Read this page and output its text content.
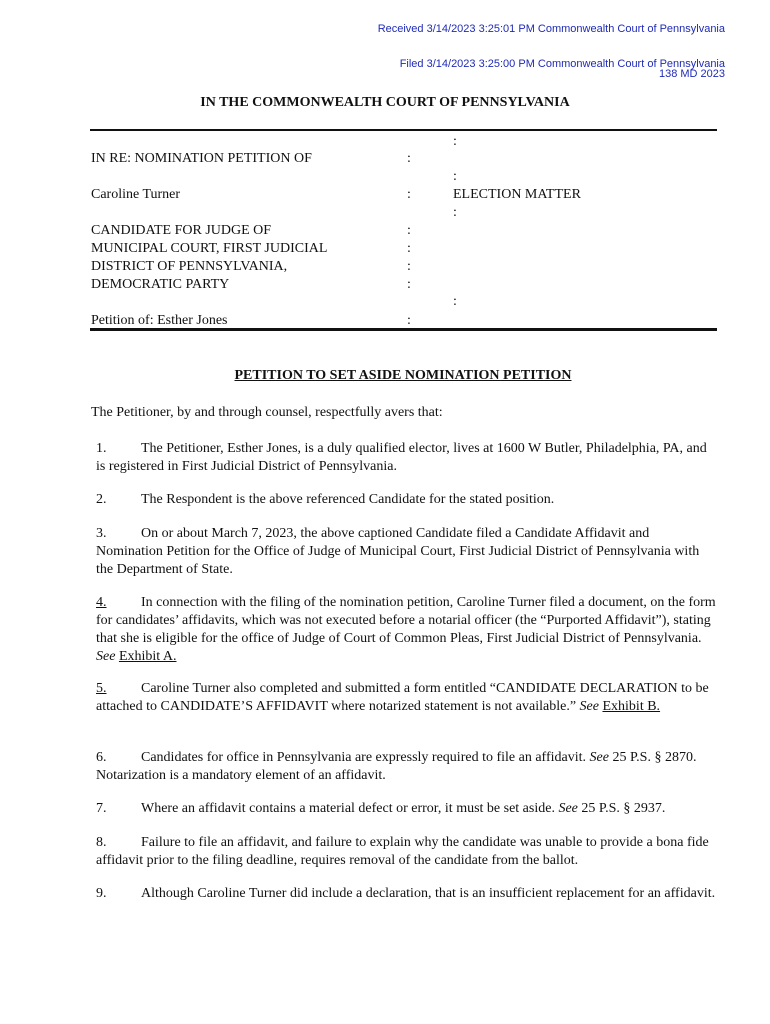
Received 3/14/2023 3:25:01 PM Commonwealth Court of Pennsylvania
Filed 3/14/2023 3:25:00 PM Commonwealth Court of Pennsylvania
138 MD 2023
IN THE COMMONWEALTH COURT OF PENNSYLVANIA
IN RE: NOMINATION PETITION OF
Caroline Turner
CANDIDATE FOR JUDGE OF
MUNICIPAL COURT, FIRST JUDICIAL
DISTRICT OF PENNSYLVANIA,
DEMOCRATIC PARTY
Petition of: Esther Jones
:
:
:
:
:
:
:
:
:
:
:
ELECTION MATTER
PETITION TO SET ASIDE NOMINATION PETITION
The Petitioner, by and through counsel, respectfully avers that:
1. The Petitioner, Esther Jones, is a duly qualified elector, lives at 1600 W Butler, Philadelphia, PA, and is registered in First Judicial District of Pennsylvania.
2. The Respondent is the above referenced Candidate for the stated position.
3. On or about March 7, 2023, the above captioned Candidate filed a Candidate Affidavit and Nomination Petition for the Office of Judge of Municipal Court, First Judicial District of Pennsylvania with the Department of State.
4. In connection with the filing of the nomination petition, Caroline Turner filed a document, on the form for candidates’ affidavits, which was not executed before a notarial officer (the “Purported Affidavit”), stating that she is eligible for the office of Judge of Court of Common Pleas, First Judicial District of Pennsylvania. See Exhibit A.
5. Caroline Turner also completed and submitted a form entitled “CANDIDATE DECLARATION to be attached to CANDIDATE’S AFFIDAVIT where notarized statement is not available.” See Exhibit B.
6. Candidates for office in Pennsylvania are expressly required to file an affidavit. See 25 P.S. § 2870. Notarization is a mandatory element of an affidavit.
7. Where an affidavit contains a material defect or error, it must be set aside. See 25 P.S. § 2937.
8. Failure to file an affidavit, and failure to explain why the candidate was unable to provide a bona fide affidavit prior to the filing deadline, requires removal of the candidate from the ballot.
9. Although Caroline Turner did include a declaration, that is an insufficient replacement for an affidavit.
